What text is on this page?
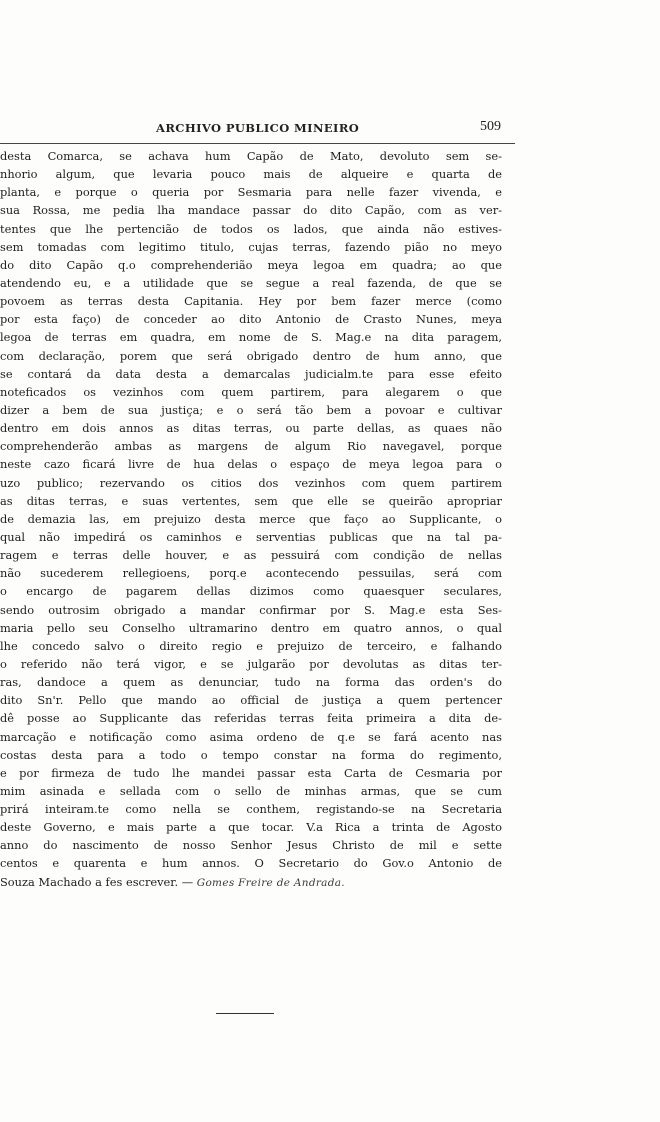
ARCHIVO PUBLICO MINEIRO	509
desta Comarca, se achava hum Capão de Mato, devoluto sem se-
nhorio algum, que levaria pouco mais de alqueire e quarta de
planta, e porque o queria por Sesmaria para nelle fazer vivenda, e
sua Rossa, me pedia lha mandace passar do dito Capão, com as ver-
tentes que lhe pertencião de todos os lados, que ainda não estives-
sem tomadas com legitimo titulo, cujas terras, fazendo pião no meyo
do dito Capão q.o comprehenderião meya legoa em quadra; ao que
atendendo eu, e a utilidade que se segue a real fazenda, de que se
povoem as terras desta Capitania. Hey por bem fazer merce (como
por esta faço) de conceder ao dito Antonio de Crasto Nunes, meya
legoa de terras em quadra, em nome de S. Mag.e na dita paragem,
com declaração, porem que será obrigado dentro de hum anno, que
se contará da data desta a demarcalas judicialm.te para esse efeito
noteficados os vezinhos com quem partirem, para alegarem o que
dizer a bem de sua justiça; e o será tão bem a povoar e cultivar
dentro em dois annos as ditas terras, ou parte dellas, as quaes não
comprehenderão ambas as margens de algum Rio navegavel, porque
neste cazo ficará livre de hua delas o espaço de meya legoa para o
uzo publico; rezervando os citios dos vezinhos com quem partirem
as ditas terras, e suas vertentes, sem que elle se queirão apropriar
de demazia las, em prejuizo desta merce que faço ao Supplicante, o
qual não impedirá os caminhos e serventias publicas que na tal pa-
ragem e terras delle houver, e as pessuirá com condição de nellas
não sucederem rellegioens, porq.e acontecendo pessuilas, será com
o encargo de pagarem dellas dizimos como quaesquer seculares,
sendo outrosim obrigado a mandar confirmar por S. Mag.e esta Ses-
maria pello seu Conselho ultramarino dentro em quatro annos, o qual
lhe concedo salvo o direito regio e prejuizo de terceiro, e falhando
o referido não terá vigor, e se julgarão por devolutas as ditas ter-
ras, dandoce a quem as denunciar, tudo na forma das orden's do
dito Sn'r. Pello que mando ao official de justiça a quem pertencer
dê posse ao Supplicante das referidas terras feita primeira a dita de-
marcação e notificação como asima ordeno de q.e se fará acento nas
costas desta para a todo o tempo constar na forma do regimento,
e por firmeza de tudo lhe mandei passar esta Carta de Cesmaria por
mim asinada e sellada com o sello de minhas armas, que se cum
prirá inteiram.te como nella se conthem, registando-se na Secretaria
deste Governo, e mais parte a que tocar. V.a Rica a trinta de Agosto
anno do nascimento de nosso Senhor Jesus Christo de mil e sette
centos e quarenta e hum annos. O Secretario do Gov.o Antonio de
Souza Machado a fes escrever. — Gomes Freire de Andrada.
